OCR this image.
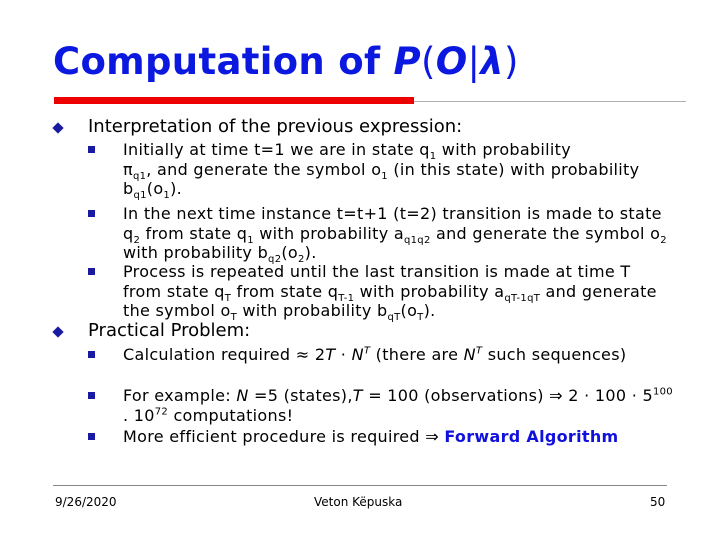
Computation of P(O|λ)
Interpretation of the previous expression:
Initially at time t=1 we are in state $q_1$ with probability
$\pi_{q1}$, and generate the symbol $o_1$ (in this state) with probability $b_{q1}(o_1)$.
In the next time instance t=t+1 (t=2) transition is made to state $q_2$ from state $q_1$ with probability $a_{q1q2}$ and generate the symbol $o_2$ with probability $b_{q2}(o_2)$.
Process is repeated until the last transition is made at time T from state $q_T$ from state $q_{T-1}$ with probability $a_{qT-1qT}$ and generate the symbol $o_T$ with probability $b_{qT}(o_T)$.
Practical Problem:
Calculation required ≈ $2T \cdot N^T$ (there are $N^T$ such sequences)
For example: N =5 (states),T = 100 (observations) ⇒ $2 \cdot 100 \cdot 5^{100}$ . $10^{72}$ computations!
More efficient procedure is required ⇒ Forward Algorithm
9/26/2020	Veton Këpuska	50
